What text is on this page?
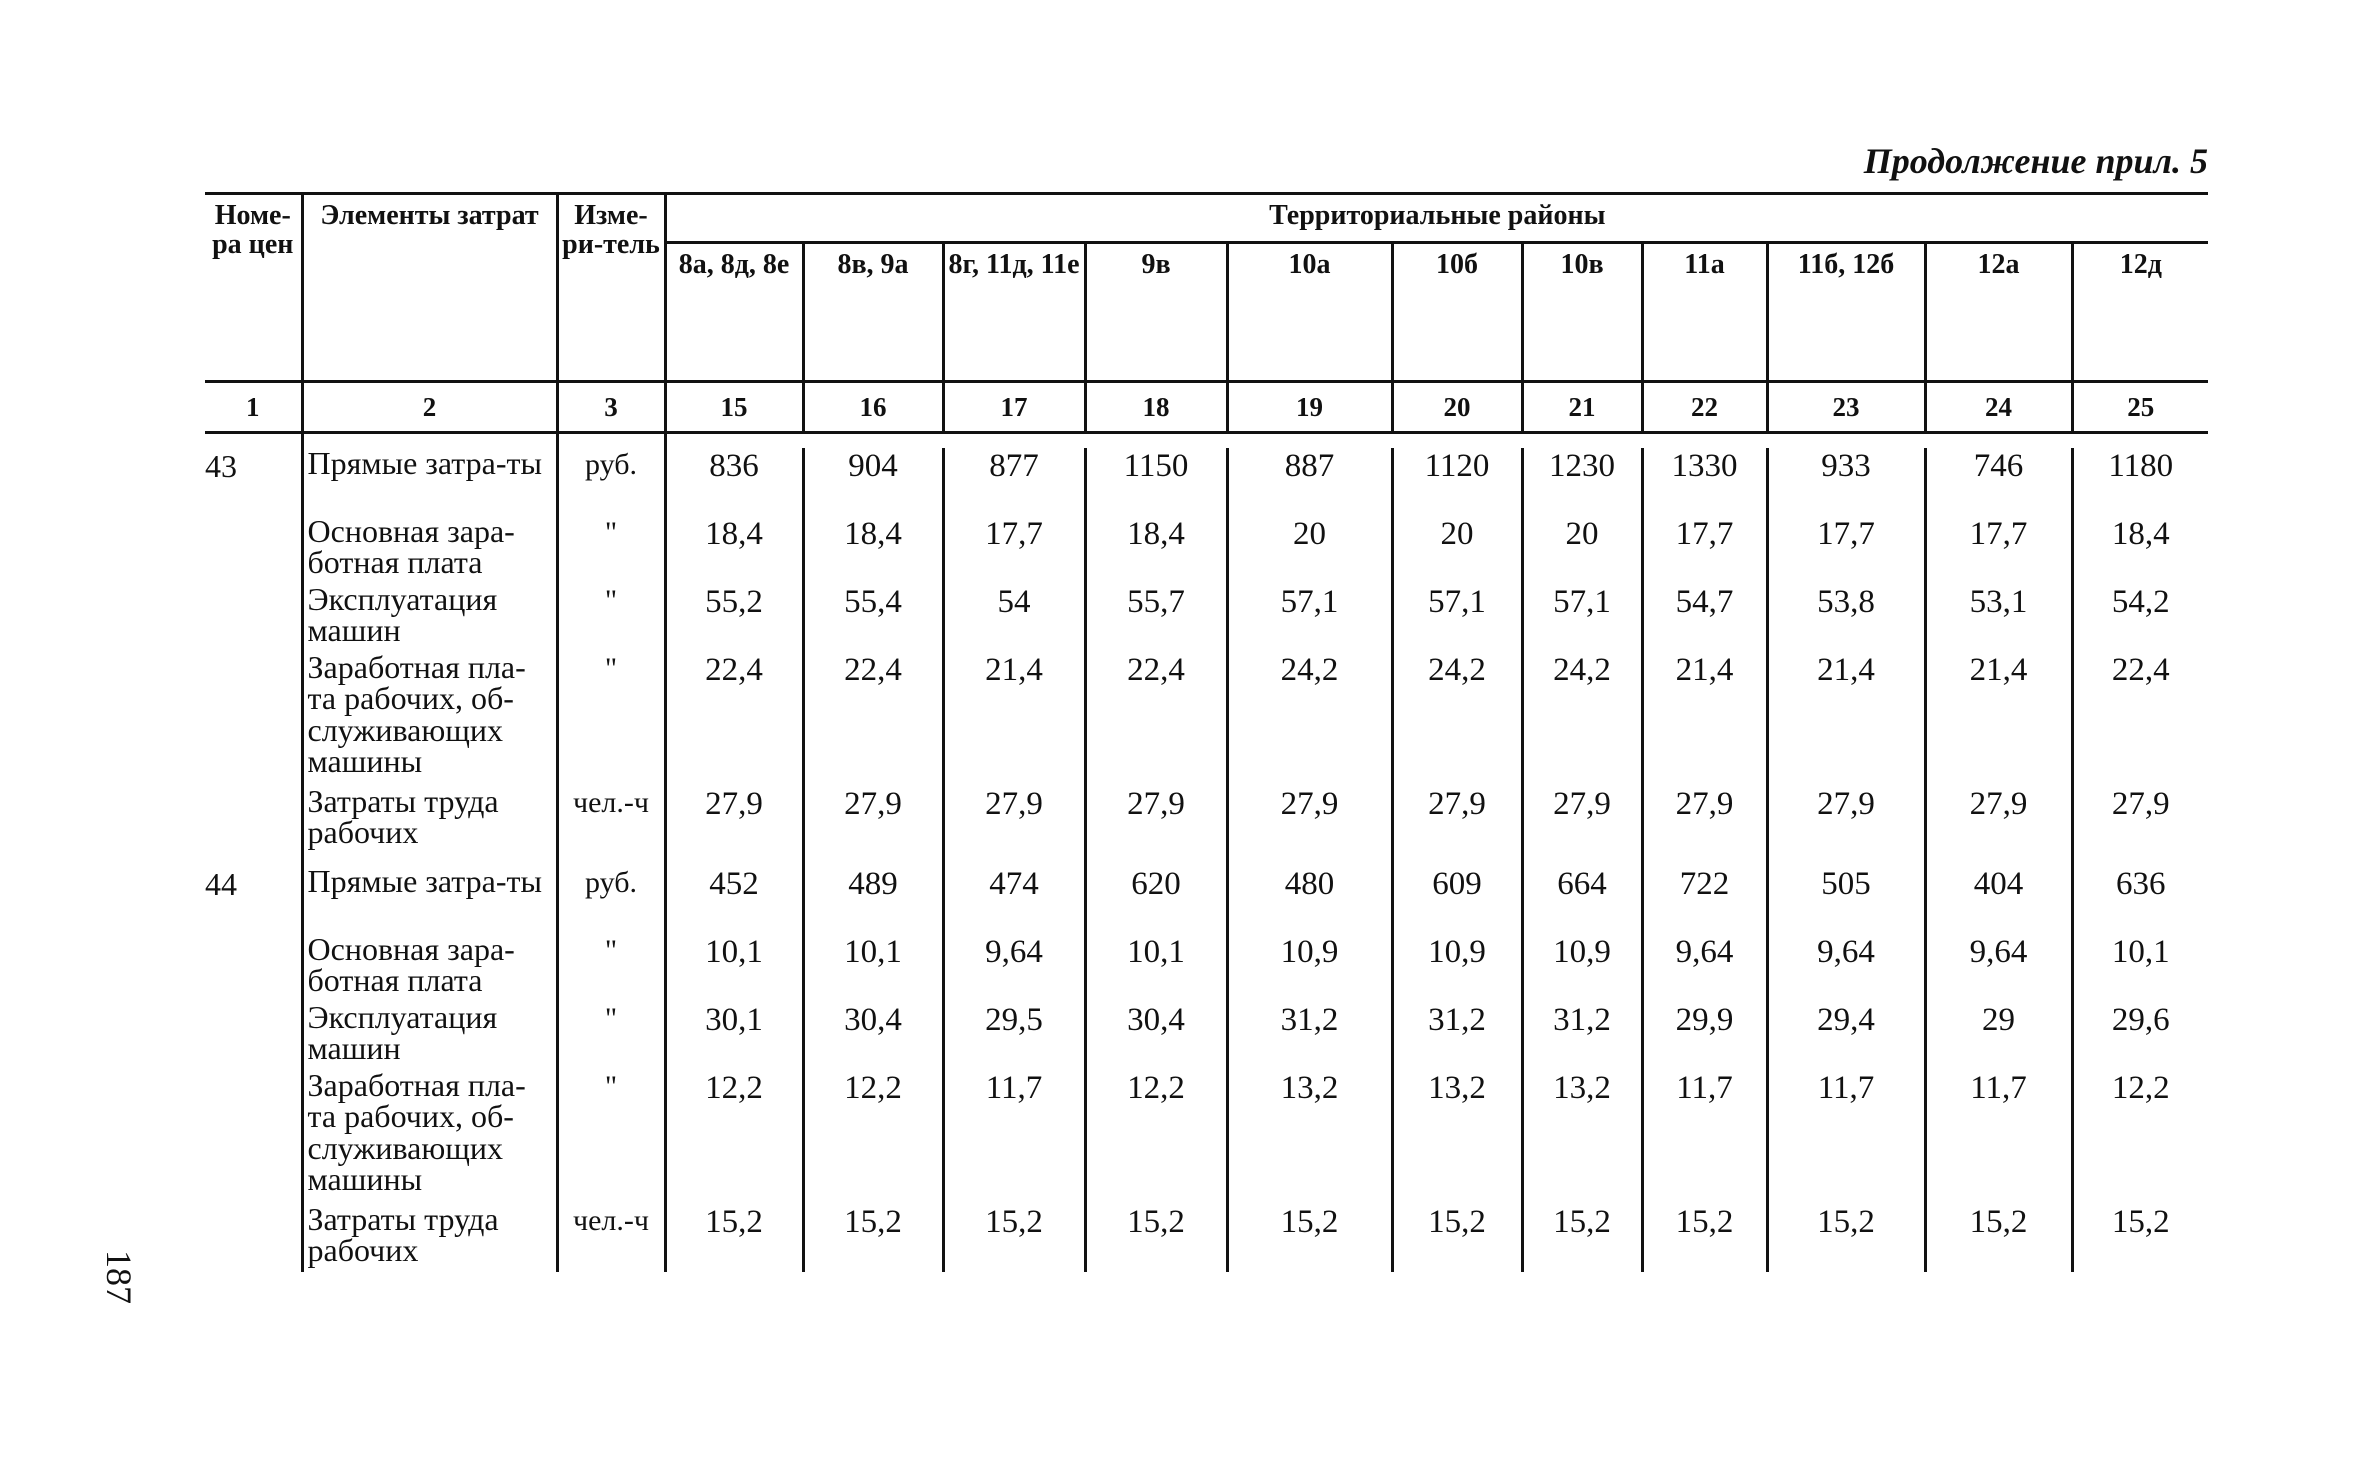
Продолжение прил. 5
187
Номе-ра цен	Элементы затрат	Изме-ри-тель	Территориальные районы										
			8а, 8д, 8е	8в, 9а	8г, 11д, 11е	9в	10а	10б	10в	11а	11б, 12б	12а	12д
1	2	3	15	16	17	18	19	20	21	22	23	24	25

43	Прямые затра-ты	руб.	836	904	877	1150	887	1120	1230	1330	933	746	1180
	Основная зара-ботная плата	"	18,4	18,4	17,7	18,4	20	20	20	17,7	17,7	17,7	18,4
	Эксплуатация машин	"	55,2	55,4	54	55,7	57,1	57,1	57,1	54,7	53,8	53,1	54,2
	Заработная пла-та рабочих, об-служивающих машины	"	22,4	22,4	21,4	22,4	24,2	24,2	24,2	21,4	21,4	21,4	22,4
	Затраты труда рабочих	чел.-ч	27,9	27,9	27,9	27,9	27,9	27,9	27,9	27,9	27,9	27,9	27,9
44	Прямые затра-ты	руб.	452	489	474	620	480	609	664	722	505	404	636
	Основная зара-ботная плата	"	10,1	10,1	9,64	10,1	10,9	10,9	10,9	9,64	9,64	9,64	10,1
	Эксплуатация машин	"	30,1	30,4	29,5	30,4	31,2	31,2	31,2	29,9	29,4	29	29,6
	Заработная пла-та рабочих, об-служивающих машины	"	12,2	12,2	11,7	12,2	13,2	13,2	13,2	11,7	11,7	11,7	12,2
	Затраты труда рабочих	чел.-ч	15,2	15,2	15,2	15,2	15,2	15,2	15,2	15,2	15,2	15,2	15,2
